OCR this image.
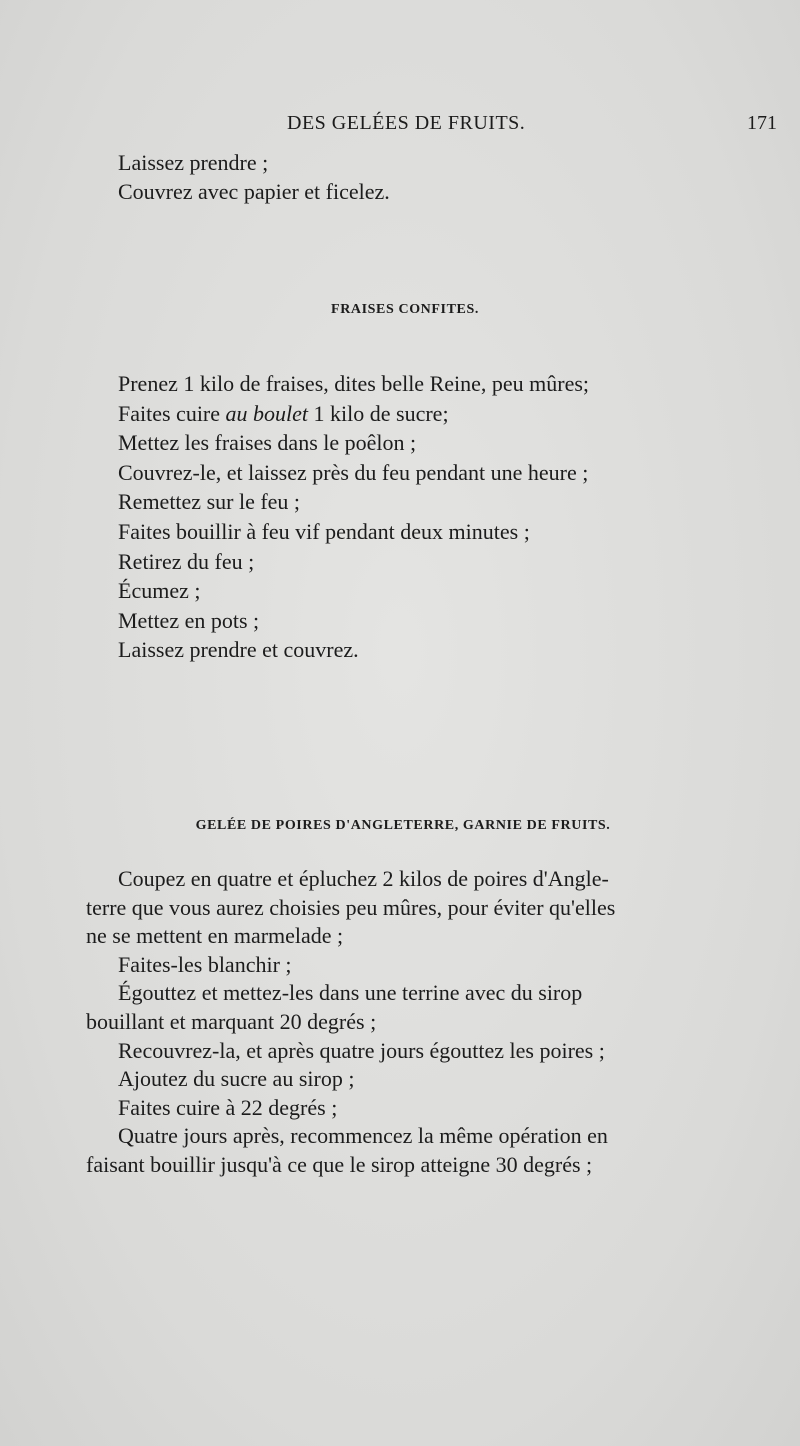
DES GELÉES DE FRUITS.	171
Laissez prendre ;
Couvrez avec papier et ficelez.
FRAISES CONFITES.
Prenez 1 kilo de fraises, dites belle Reine, peu mûres;
Faites cuire au boulet 1 kilo de sucre;
Mettez les fraises dans le poêlon ;
Couvrez-le, et laissez près du feu pendant une heure ;
Remettez sur le feu ;
Faites bouillir à feu vif pendant deux minutes ;
Retirez du feu ;
Écumez ;
Mettez en pots ;
Laissez prendre et couvrez.
GELÉE DE POIRES D'ANGLETERRE, GARNIE DE FRUITS.
Coupez en quatre et épluchez 2 kilos de poires d'Angle-
terre que vous aurez choisies peu mûres, pour éviter qu'elles
ne se mettent en marmelade ;
Faites-les blanchir ;
Égouttez et mettez-les dans une terrine avec du sirop
bouillant et marquant 20 degrés ;
Recouvrez-la, et après quatre jours égouttez les poires ;
Ajoutez du sucre au sirop ;
Faites cuire à 22 degrés ;
Quatre jours après, recommencez la même opération en
faisant bouillir jusqu'à ce que le sirop atteigne 30 degrés ;
